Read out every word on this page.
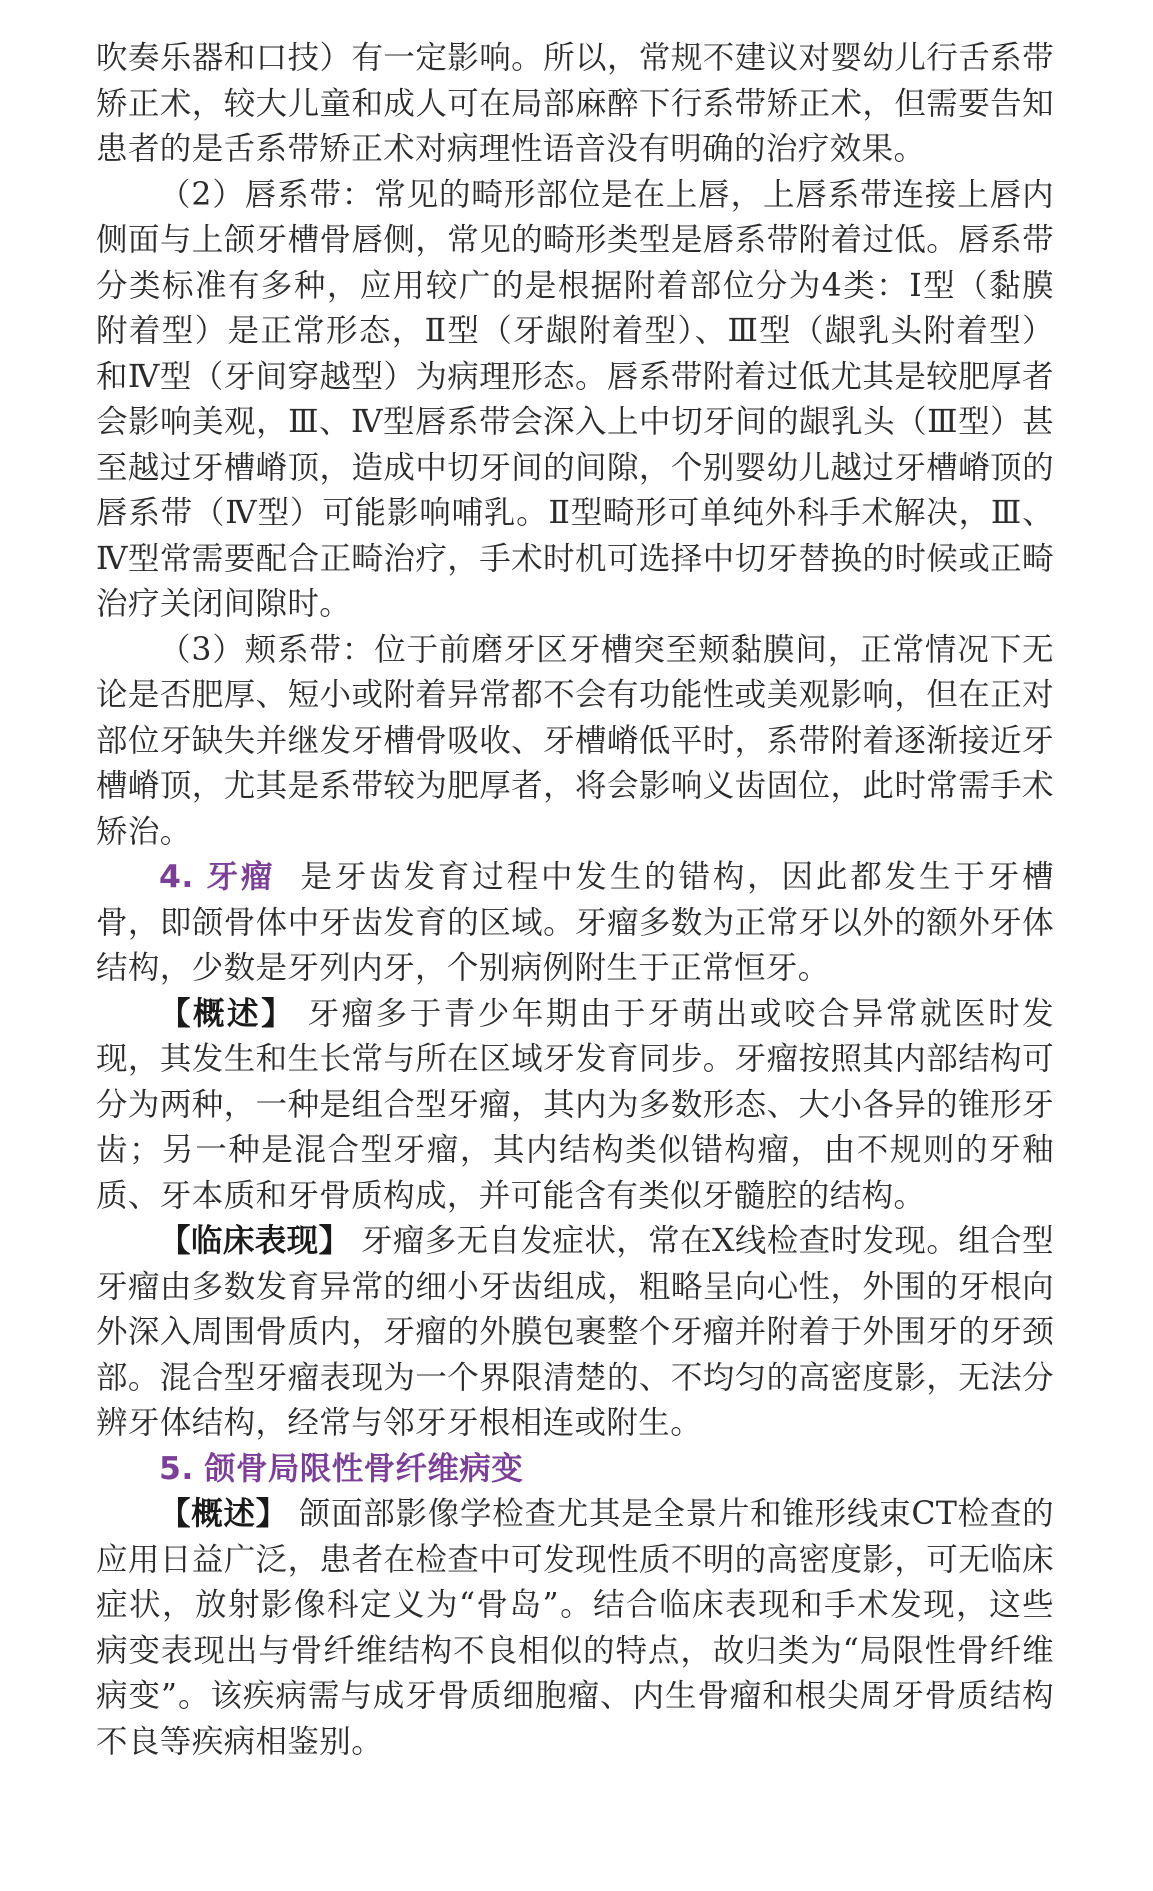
吹奏乐器和口技）有一定影响。所以，常规不建议对婴幼儿行舌系带矫正术，较大儿童和成人可在局部麻醉下行系带矫正术，但需要告知患者的是舌系带矫正术对病理性语音没有明确的治疗效果。

（2）唇系带：常见的畸形部位是在上唇，上唇系带连接上唇内侧面与上颌牙槽骨唇侧，常见的畸形类型是唇系带附着过低。唇系带分类标准有多种，应用较广的是根据附着部位分为4类：Ⅰ型（黏膜附着型）是正常形态，Ⅱ型（牙龈附着型）、Ⅲ型（龈乳头附着型）和Ⅳ型（牙间穿越型）为病理形态。唇系带附着过低尤其是较肥厚者会影响美观，Ⅲ、Ⅳ型唇系带会深入上中切牙间的龈乳头（Ⅲ型）甚至越过牙槽嵴顶，造成中切牙间的间隙，个别婴幼儿越过牙槽嵴顶的唇系带（Ⅳ型）可能影响哺乳。Ⅱ型畸形可单纯外科手术解决，Ⅲ、Ⅳ型常需要配合正畸治疗，手术时机可选择中切牙替换的时候或正畸治疗关闭间隙时。

（3）颊系带：位于前磨牙区牙槽突至颊黏膜间，正常情况下无论是否肥厚、短小或附着异常都不会有功能性或美观影响，但在正对部位牙缺失并继发牙槽骨吸收、牙槽嵴低平时，系带附着逐渐接近牙槽嵴顶，尤其是系带较为肥厚者，将会影响义齿固位，此时常需手术矫治。

4. 牙瘤 是牙齿发育过程中发生的错构，因此都发生于牙槽骨，即颌骨体中牙齿发育的区域。牙瘤多数为正常牙以外的额外牙体结构，少数是牙列内牙，个别病例附生于正常恒牙。

【概述】 牙瘤多于青少年期由于牙萌出或咬合异常就医时发现，其发生和生长常与所在区域牙发育同步。牙瘤按照其内部结构可分为两种，一种是组合型牙瘤，其内为多数形态、大小各异的锥形牙齿；另一种是混合型牙瘤，其内结构类似错构瘤，由不规则的牙釉质、牙本质和牙骨质构成，并可能含有类似牙髓腔的结构。

【临床表现】 牙瘤多无自发症状，常在X线检查时发现。组合型牙瘤由多数发育异常的细小牙齿组成，粗略呈向心性，外围的牙根向外深入周围骨质内，牙瘤的外膜包裹整个牙瘤并附着于外围牙的牙颈部。混合型牙瘤表现为一个界限清楚的、不均匀的高密度影，无法分辨牙体结构，经常与邻牙牙根相连或附生。

5. 颌骨局限性骨纤维病变

【概述】 颌面部影像学检查尤其是全景片和锥形线束CT检查的应用日益广泛，患者在检查中可发现性质不明的高密度影，可无临床症状，放射影像科定义为“骨岛”。结合临床表现和手术发现，这些病变表现出与骨纤维结构不良相似的特点，故归类为“局限性骨纤维病变”。该疾病需与成牙骨质细胞瘤、内生骨瘤和根尖周牙骨质结构不良等疾病相鉴别。
